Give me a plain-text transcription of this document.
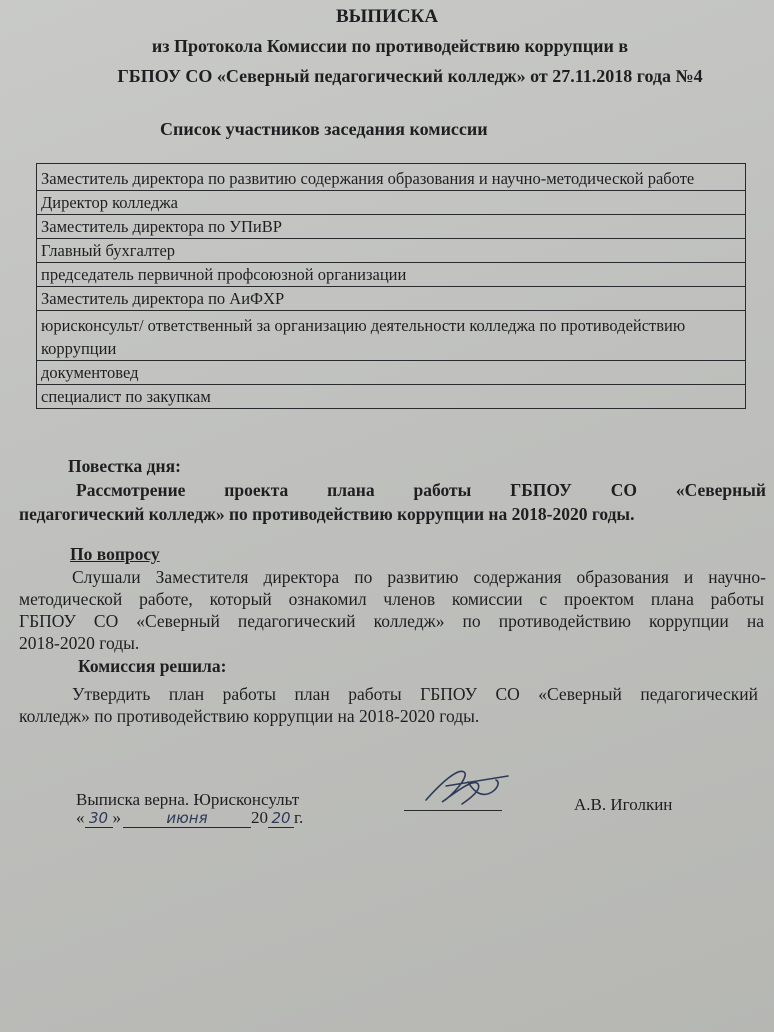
ВЫПИСКА
из Протокола Комиссии по противодействию коррупции в
ГБПОУ СО «Северный педагогический колледж» от 27.11.2018 года №4
Список участников заседания комиссии
Заместитель директора по развитию содержания образования и научно-методической работе
Директор колледжа
Заместитель директора по УПиВР
Главный бухгалтер
председатель первичной профсоюзной организации
Заместитель директора по АиФХР
юрисконсульт/ ответственный за организацию деятельности колледжа по противодействию коррупции
документовед
специалист по закупкам
Повестка дня:
Рассмотрение проекта плана работы ГБПОУ СО «Северный
педагогический колледж» по противодействию коррупции на 2018-2020 годы.
По вопросу
Слушали Заместителя директора по развитию содержания образования и научно-
методической работе, который ознакомил членов комиссии с проектом плана работы
ГБПОУ СО «Северный педагогический колледж» по противодействию коррупции на
2018-2020 годы.
Комиссия решила:
Утвердить план работы план работы ГБПОУ СО «Северный педагогический
колледж» по противодействию коррупции на 2018-2020 годы.
Выписка верна. Юрисконсульт	А.В. Иголкин
« 30 »	июня	20 20 г.
